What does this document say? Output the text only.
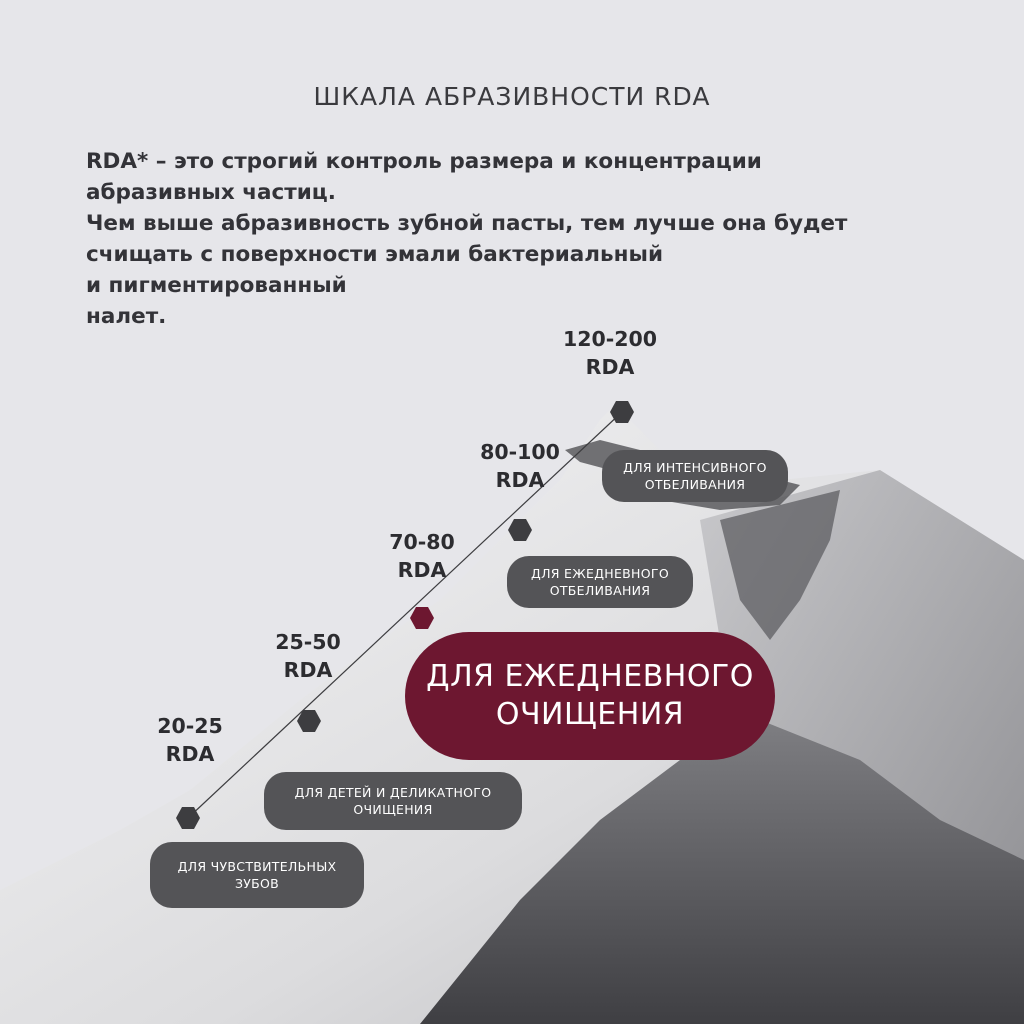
ШКАЛА АБРАЗИВНОСТИ RDA
RDA* – это строгий контроль размера и концентрации
абразивных частиц.
Чем выше абразивность зубной пасты, тем лучше она будет
счищать с поверхности эмали бактериальный
и пигментированный
налет.
20-25
RDA
25-50
RDA
70-80
RDA
80-100
RDA
120-200
RDA
ДЛЯ ЧУВСТВИТЕЛЬНЫХ
ЗУБОВ
ДЛЯ ДЕТЕЙ И ДЕЛИКАТНОГО
ОЧИЩЕНИЯ
ДЛЯ ЕЖЕДНЕВНОГО
ОЧИЩЕНИЯ
ДЛЯ ЕЖЕДНЕВНОГО
ОТБЕЛИВАНИЯ
ДЛЯ ИНТЕНСИВНОГО
ОТБЕЛИВАНИЯ
